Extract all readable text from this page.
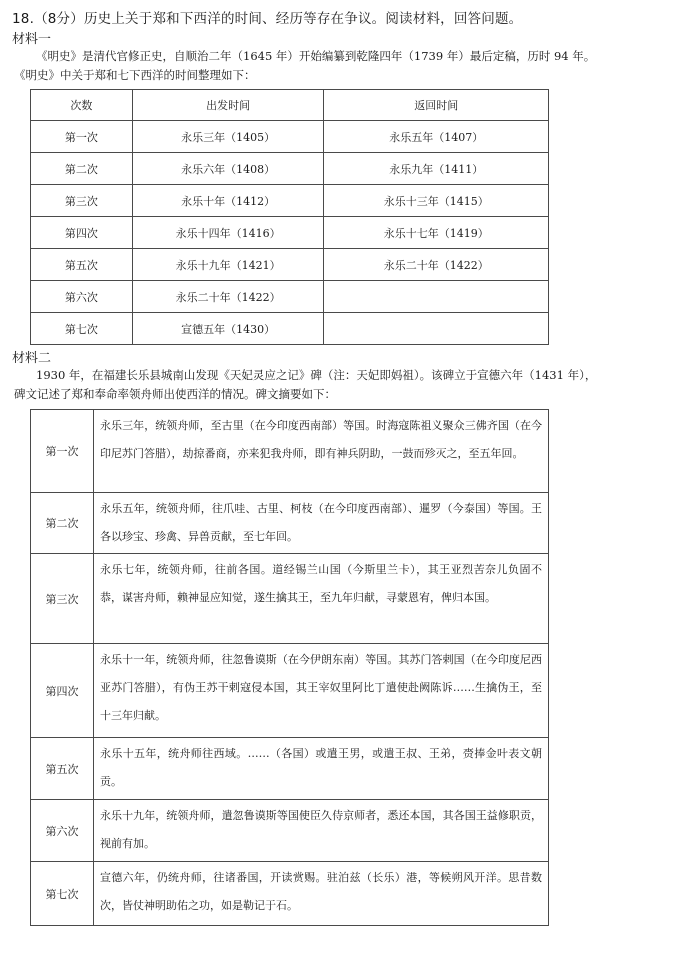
18.（8分）历史上关于郑和下西洋的时间、经历等存在争议。阅读材料，回答问题。
材料一
《明史》是清代官修正史，自顺治二年（1645 年）开始编纂到乾隆四年（1739 年）最后定稿，历时 94 年。
《明史》中关于郑和七下西洋的时间整理如下：
次数	出发时间	返回时间
第一次	永乐三年（1405）	永乐五年（1407）
第二次	永乐六年（1408）	永乐九年（1411）
第三次	永乐十年（1412）	永乐十三年（1415）
第四次	永乐十四年（1416）	永乐十七年（1419）
第五次	永乐十九年（1421）	永乐二十年（1422）
第六次	永乐二十年（1422）	
第七次	宣德五年（1430）	
材料二
1930 年，在福建长乐县城南山发现《天妃灵应之记》碑（注：天妃即妈祖）。该碑立于宣德六年（1431 年），
碑文记述了郑和奉命率领舟师出使西洋的情况。碑文摘要如下：
第一次	永乐三年，统领舟师，至古里（在今印度西南部）等国。时海寇陈祖义聚众三佛齐国（在今印尼苏门答腊），劫掠番商，亦来犯我舟师，即有神兵阴助，一鼓而殄灭之，至五年回。
第二次	永乐五年，统领舟师，往爪哇、古里、柯枝（在今印度西南部）、暹罗（今泰国）等国。王各以珍宝、珍禽、异兽贡献，至七年回。
第三次	永乐七年，统领舟师，往前各国。道经锡兰山国（今斯里兰卡），其王亚烈苦奈儿负固不恭，谋害舟师，赖神显应知觉，遂生擒其王，至九年归献，寻蒙恩宥，俾归本国。
第四次	永乐十一年，统领舟师，往忽鲁谟斯（在今伊朗东南）等国。其苏门答剌国（在今印度尼西亚苏门答腊），有伪王苏干剌寇侵本国，其王宰奴里阿比丁遣使赴阙陈诉……生擒伪王，至十三年归献。
第五次	永乐十五年，统舟师往西域。……（各国）或遣王男，或遣王叔、王弟，赍捧金叶表文朝贡。
第六次	永乐十九年，统领舟师，遣忽鲁谟斯等国使臣久侍京师者，悉还本国，其各国王益修职贡，视前有加。
第七次	宣德六年，仍统舟师，往诸番国，开读赏赐。驻泊兹（长乐）港，等候朔风开洋。思昔数次，皆仗神明助佑之功，如是勒记于石。
